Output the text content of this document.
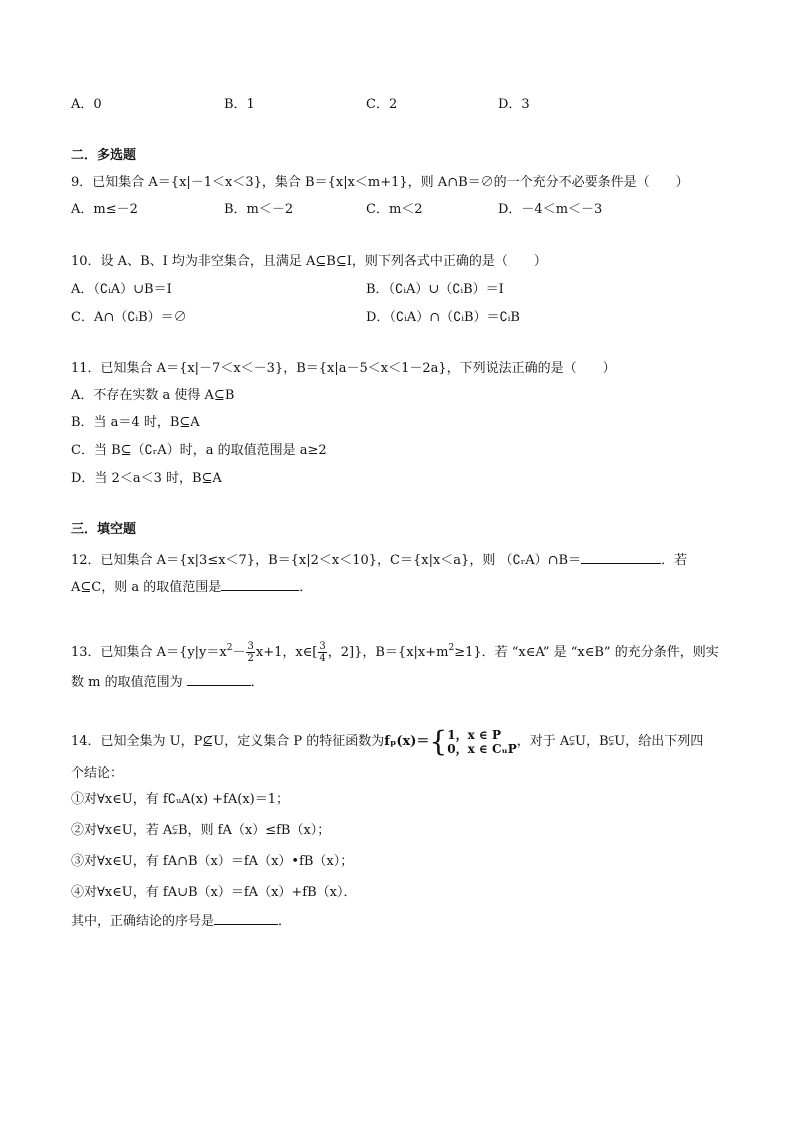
A．0	B．1	C．2	D．3
二．多选题
9．已知集合 A＝{x|－1＜x＜3}，集合 B＝{x|x＜m+1}，则 A∩B＝∅的一个充分不必要条件是（　　）
A．m≤－2	B．m＜－2	C．m＜2	D．－4＜m＜－3
10．设 A、B、I 均为非空集合，且满足 A⊆B⊆I，则下列各式中正确的是（　　）
A．（∁ᵢA）∪B＝I	B．（∁ᵢA）∪（∁ᵢB）＝I
C．A∩（∁ᵢB）＝∅	D．（∁ᵢA）∩（∁ᵢB）＝∁ᵢB
11．已知集合 A＝{x|－7＜x＜－3}，B＝{x|a－5＜x＜1－2a}，下列说法正确的是（　　）
A．不存在实数 a 使得 A⊆B
B．当 a＝4 时，B⊆A
C．当 B⊆（∁ᵣA）时，a 的取值范围是 a≥2
D．当 2＜a＜3 时，B⊆A
三．填空题
12．已知集合 A＝{x|3≤x＜7}，B＝{x|2＜x＜10}，C＝{x|x＜a}，则 （∁ᵣA）∩B＝	．若
A⊆C，则 a 的取值范围是	．
13．已知集合 $A=\{y|y=x^2- \frac{3}{2} x+1$，x∈[ $\frac{3}{4}$ ，2]}，$B=\{x|x+m^2\ge 1\}$．若 “x∈A” 是 “x∈B” 的充分条件，则实
数 m 的取值范围为	．
14．已知全集为 U，P⊈U，定义集合 P 的特征函数为fₚ(x)＝{ 1，x ∈ P
0，x ∈ CᵤP ，对于 A⫋U，B⫋U，给出下列四
个结论：
①对∀x∈U，有 f∁ᵤA(x) +fA(x)＝1；
②对∀x∈U，若 A⫋B，则 fA（x）≤fB（x）；
③对∀x∈U，有 fA∩B（x）＝fA（x）•fB（x）；
④对∀x∈U，有 fA∪B（x）＝fA（x）+fB（x）．
其中，正确结论的序号是	．
